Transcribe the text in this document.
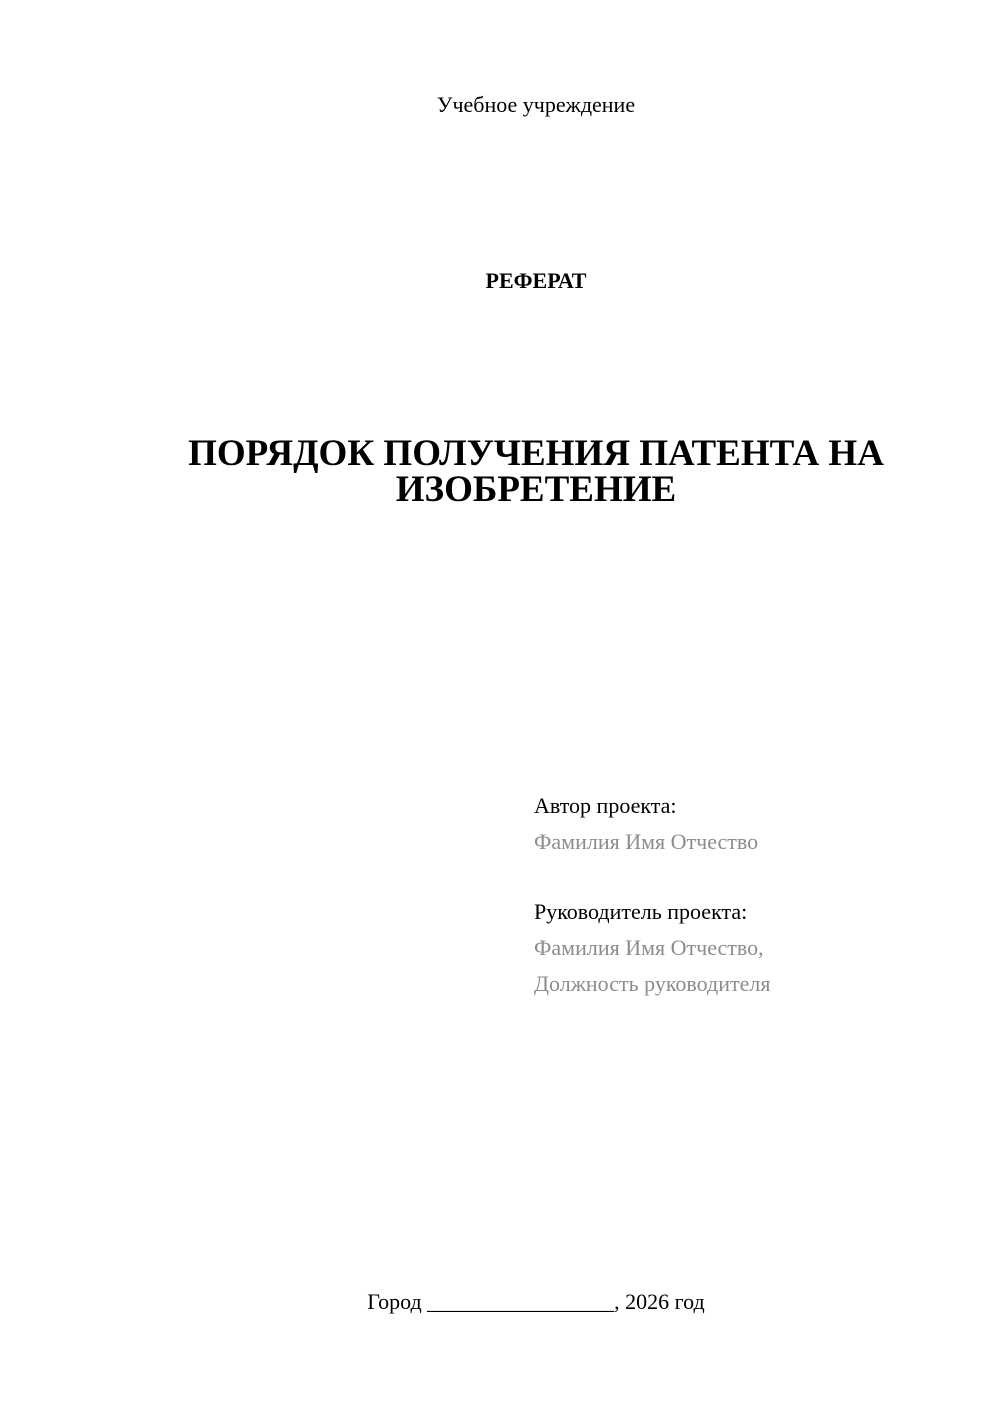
Учебное учреждение
РЕФЕРАТ
ПОРЯДОК ПОЛУЧЕНИЯ ПАТЕНТА НА ИЗОБРЕТЕНИЕ
Автор проекта:
Фамилия Имя Отчество
Руководитель проекта:
Фамилия Имя Отчество,
Должность руководителя
Город _________________, 2026 год
